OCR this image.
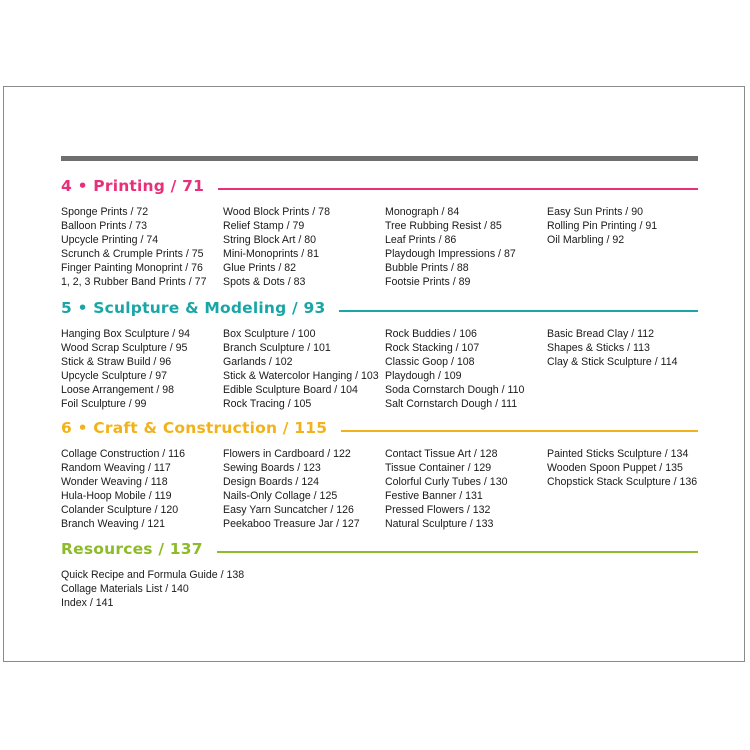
4 • Printing / 71
Sponge Prints / 72
Balloon Prints / 73
Upcycle Printing / 74
Scrunch & Crumple Prints / 75
Finger Painting Monoprint / 76
1, 2, 3 Rubber Band Prints / 77
Wood Block Prints / 78
Relief Stamp / 79
String Block Art / 80
Mini-Monoprints / 81
Glue Prints / 82
Spots & Dots / 83
Monograph / 84
Tree Rubbing Resist / 85
Leaf Prints / 86
Playdough Impressions / 87
Bubble Prints / 88
Footsie Prints / 89
Easy Sun Prints / 90
Rolling Pin Printing / 91
Oil Marbling / 92
5 • Sculpture & Modeling / 93
Hanging Box Sculpture / 94
Wood Scrap Sculpture / 95
Stick & Straw Build / 96
Upcycle Sculpture / 97
Loose Arrangement / 98
Foil Sculpture / 99
Box Sculpture / 100
Branch Sculpture / 101
Garlands / 102
Stick & Watercolor Hanging / 103
Edible Sculpture Board / 104
Rock Tracing / 105
Rock Buddies / 106
Rock Stacking / 107
Classic Goop / 108
Playdough / 109
Soda Cornstarch Dough / 110
Salt Cornstarch Dough / 111
Basic Bread Clay / 112
Shapes & Sticks / 113
Clay & Stick Sculpture / 114
6 • Craft & Construction / 115
Collage Construction / 116
Random Weaving / 117
Wonder Weaving / 118
Hula-Hoop Mobile / 119
Colander Sculpture / 120
Branch Weaving / 121
Flowers in Cardboard / 122
Sewing Boards / 123
Design Boards / 124
Nails-Only Collage / 125
Easy Yarn Suncatcher / 126
Peekaboo Treasure Jar / 127
Contact Tissue Art / 128
Tissue Container / 129
Colorful Curly Tubes / 130
Festive Banner / 131
Pressed Flowers / 132
Natural Sculpture / 133
Painted Sticks Sculpture / 134
Wooden Spoon Puppet / 135
Chopstick Stack Sculpture / 136
Resources / 137
Quick Recipe and Formula Guide / 138
Collage Materials List / 140
Index / 141
